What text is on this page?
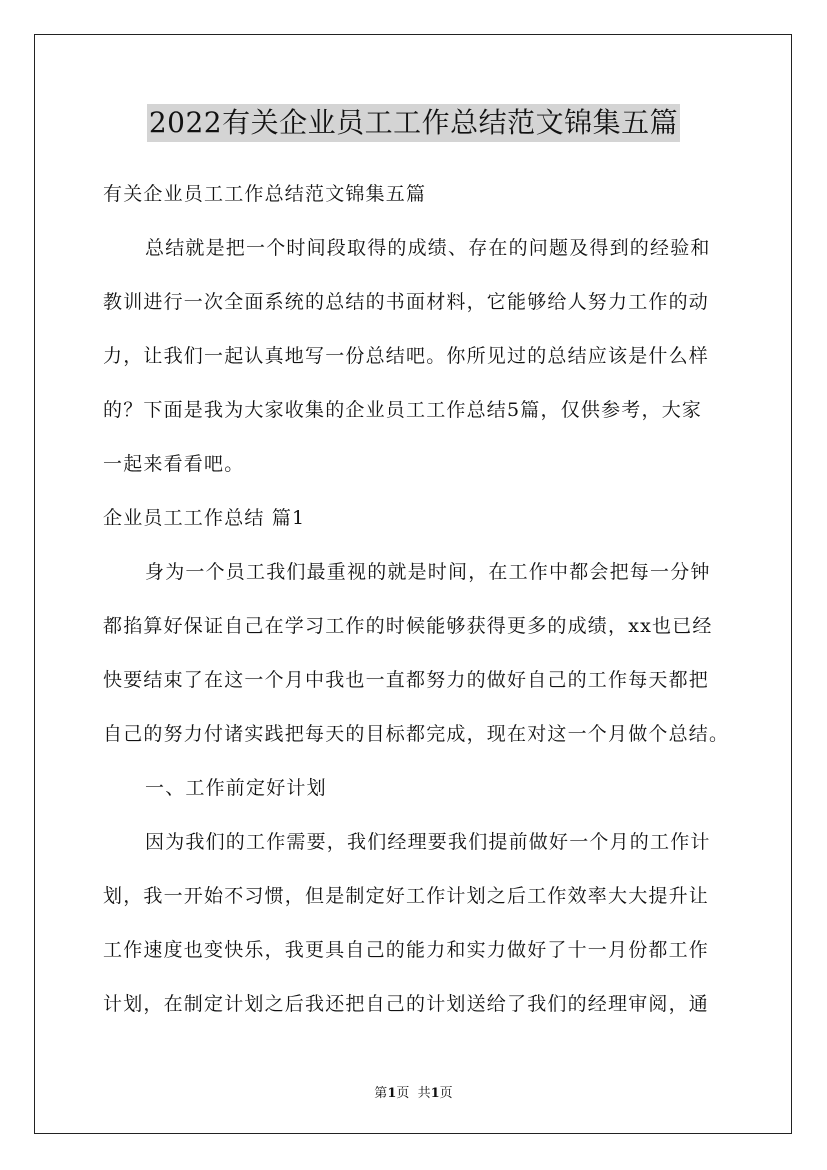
2022有关企业员工工作总结范文锦集五篇
有关企业员工工作总结范文锦集五篇
总结就是把一个时间段取得的成绩、存在的问题及得到的经验和
教训进行一次全面系统的总结的书面材料，它能够给人努力工作的动
力，让我们一起认真地写一份总结吧。你所见过的总结应该是什么样
的？下面是我为大家收集的企业员工工作总结5篇，仅供参考，大家
一起来看看吧。
企业员工工作总结 篇1
身为一个员工我们最重视的就是时间，在工作中都会把每一分钟
都掐算好保证自己在学习工作的时候能够获得更多的成绩，xx也已经
快要结束了在这一个月中我也一直都努力的做好自己的工作每天都把
自己的努力付诸实践把每天的目标都完成，现在对这一个月做个总结。
一、工作前定好计划
因为我们的工作需要，我们经理要我们提前做好一个月的工作计
划，我一开始不习惯，但是制定好工作计划之后工作效率大大提升让
工作速度也变快乐，我更具自己的能力和实力做好了十一月份都工作
计划，在制定计划之后我还把自己的计划送给了我们的经理审阅，通
第1页  共1页
